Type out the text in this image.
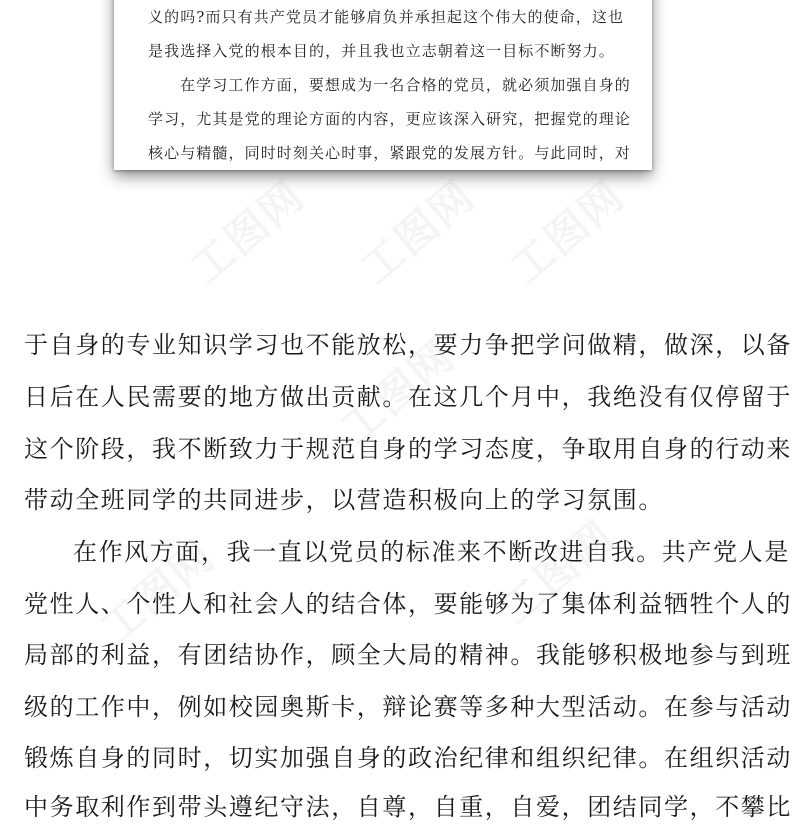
工图网 工图网 工图网
工图网
工图网	工图网
义的吗?而只有共产党员才能够肩负并承担起这个伟大的使命，这也
是我选择入党的根本目的，并且我也立志朝着这一目标不断努力。
在学习工作方面，要想成为一名合格的党员，就必须加强自身的
学习，尤其是党的理论方面的内容，更应该深入研究，把握党的理论
核心与精髓，同时时刻关心时事，紧跟党的发展方针。与此同时，对
于自身的专业知识学习也不能放松，要力争把学问做精，做深，以备
日后在人民需要的地方做出贡献。在这几个月中，我绝没有仅停留于
这个阶段，我不断致力于规范自身的学习态度，争取用自身的行动来
带动全班同学的共同进步，以营造积极向上的学习氛围。
在作风方面，我一直以党员的标准来不断改进自我。共产党人是
党性人、个性人和社会人的结合体，要能够为了集体利益牺牲个人的
局部的利益，有团结协作，顾全大局的精神。我能够积极地参与到班
级的工作中，例如校园奥斯卡，辩论赛等多种大型活动。在参与活动
锻炼自身的同时，切实加强自身的政治纪律和组织纪律。在组织活动
中务取利作到带头遵纪守法，自尊，自重，自爱，团结同学，不攀比
